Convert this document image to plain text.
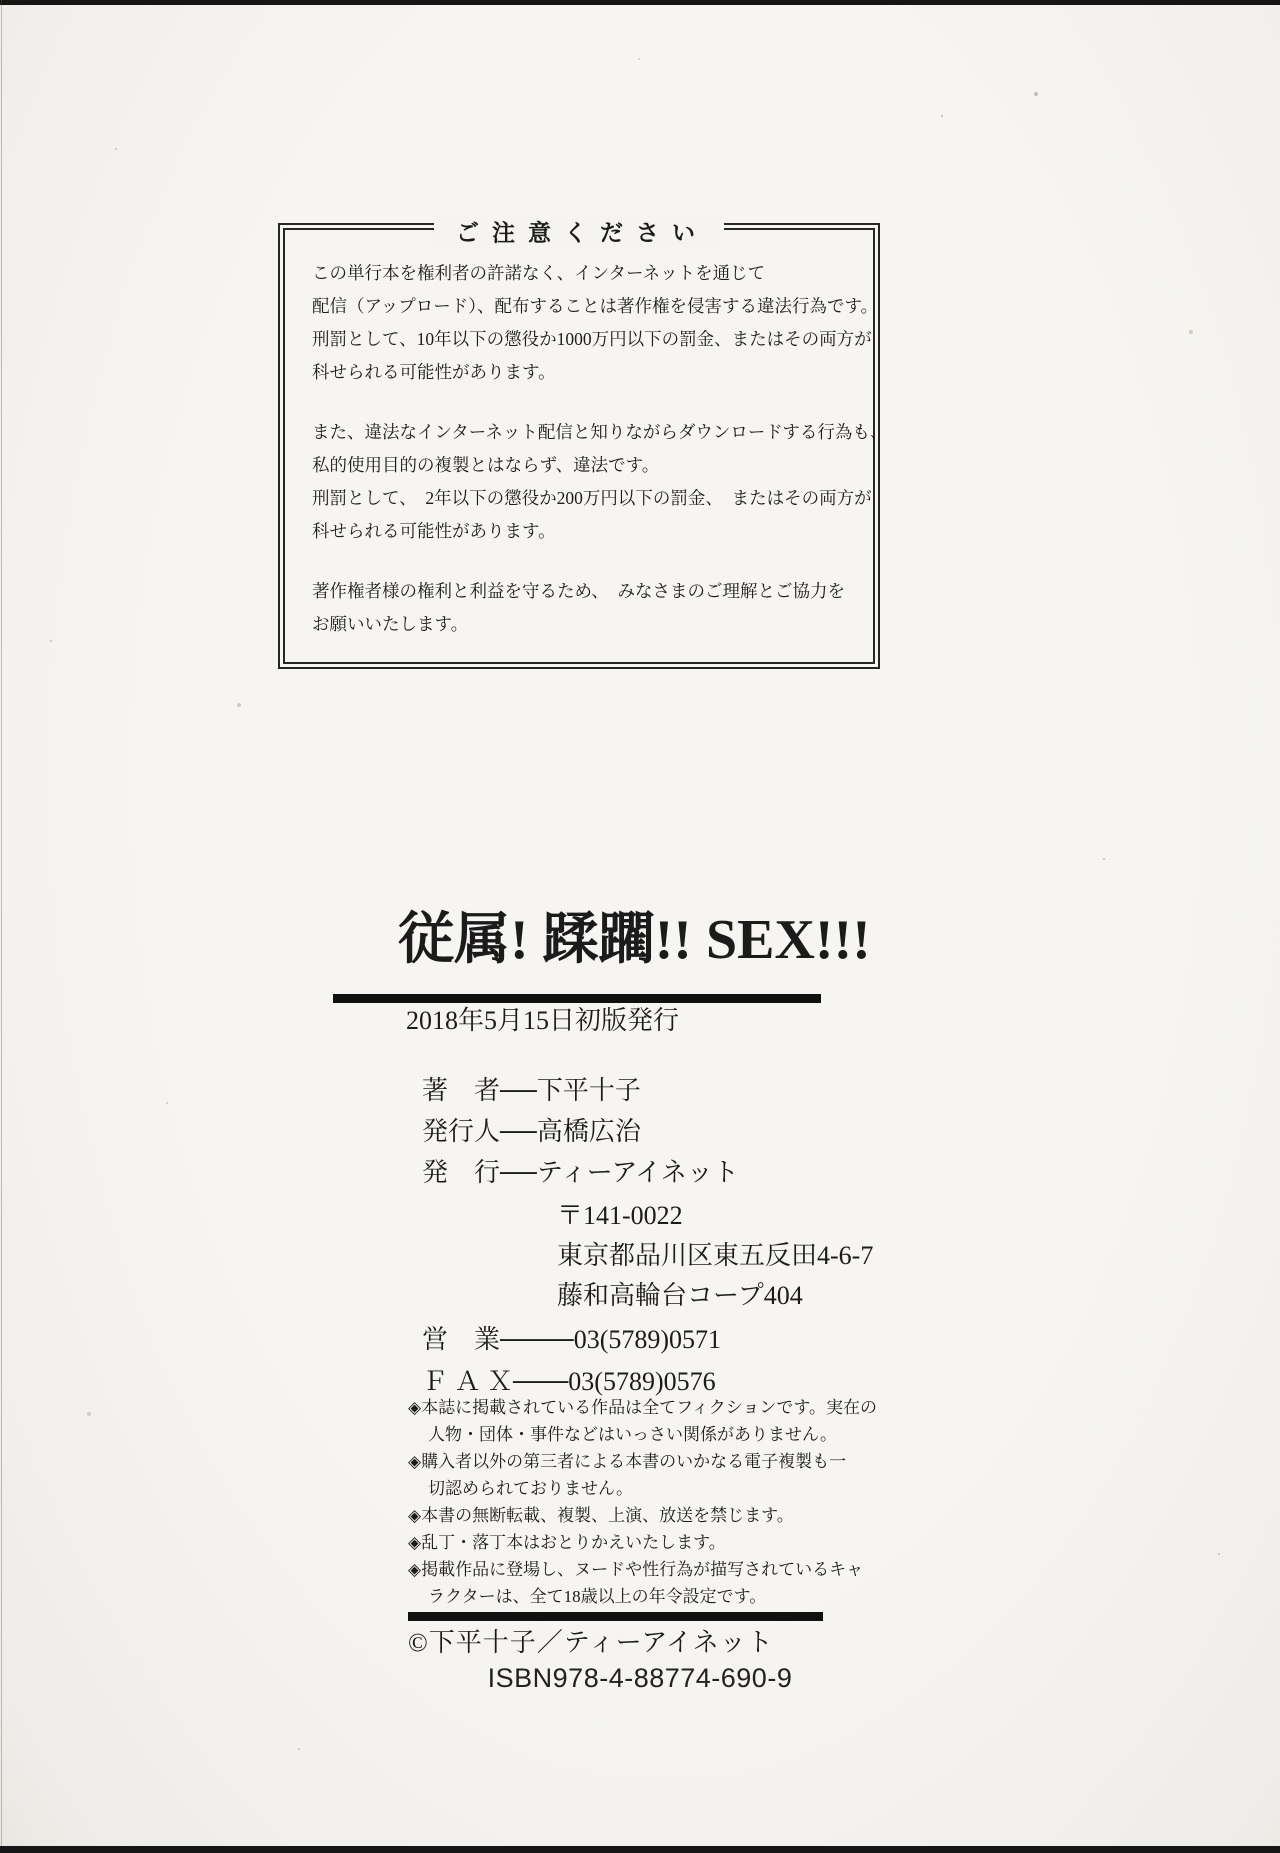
ご注意ください
この単行本を権利者の許諾なく、インターネットを通じて
配信（アップロード）、配布することは著作権を侵害する違法行為です。
刑罰として、10年以下の懲役か1000万円以下の罰金、またはその両方が
科せられる可能性があります。
また、違法なインターネット配信と知りながらダウンロードする行為も、
私的使用目的の複製とはならず、違法です。
刑罰として、　2年以下の懲役か200万円以下の罰金、　またはその両方が
科せられる可能性があります。
著作権者様の権利と利益を守るため、　みなさまのご理解とご協力を
お願いいたします。
従属! 蹂躙!! SEX!!!
2018年5月15日初版発行
著　者──下平十子
発行人──高橋広治
発　行──ティーアイネット
〒141-0022
東京都品川区東五反田4-6-7
藤和高輪台コープ404
営　業────03(5789)0571
Ｆ Ａ Ｘ───03(5789)0576
◈本誌に掲載されている作品は全てフィクションです。実在の
人物・団体・事件などはいっさい関係がありません。
◈購入者以外の第三者による本書のいかなる電子複製も一
切認められておりません。
◈本書の無断転載、複製、上演、放送を禁じます。
◈乱丁・落丁本はおとりかえいたします。
◈掲載作品に登場し、ヌードや性行為が描写されているキャ
ラクターは、全て18歳以上の年令設定です。
©下平十子／ティーアイネット
ISBN978-4-88774-690-9
